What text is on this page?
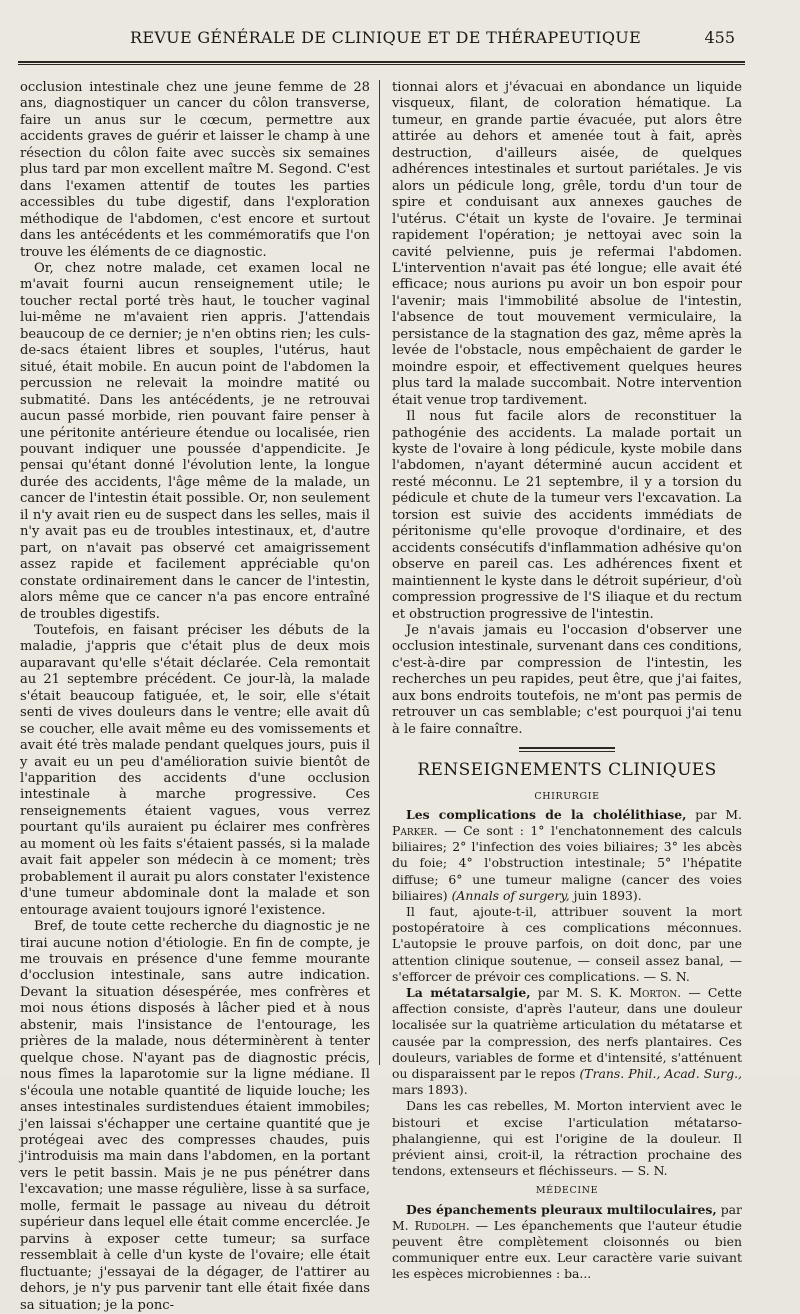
REVUE GÉNÉRALE DE CLINIQUE ET DE THÉRAPEUTIQUE	455

occlusion intestinale chez une jeune femme de 28 ans, diagnostiquer un cancer du côlon transverse, faire un anus sur le cœcum, permettre aux accidents graves de guérir et laisser le champ à une résection du côlon faite avec succès six semaines plus tard par mon excellent maître M. Segond. C'est dans l'examen attentif de toutes les parties accessibles du tube digestif, dans l'exploration méthodique de l'abdomen, c'est encore et surtout dans les antécédents et les commémoratifs que l'on trouve les éléments de ce diagnostic.

Or, chez notre malade, cet examen local ne m'avait fourni aucun renseignement utile; le toucher rectal porté très haut, le toucher vaginal lui-même ne m'avaient rien appris. J'attendais beaucoup de ce dernier; je n'en obtins rien; les culs-de-sacs étaient libres et souples, l'utérus, haut situé, était mobile. En aucun point de l'abdomen la percussion ne relevait la moindre matité ou submatité. Dans les antécédents, je ne retrouvai aucun passé morbide, rien pouvant faire penser à une péritonite antérieure étendue ou localisée, rien pouvant indiquer une poussée d'appendicite. Je pensai qu'étant donné l'évolution lente, la longue durée des accidents, l'âge même de la malade, un cancer de l'intestin était possible. Or, non seulement il n'y avait rien eu de suspect dans les selles, mais il n'y avait pas eu de troubles intestinaux, et, d'autre part, on n'avait pas observé cet amaigrissement assez rapide et facilement appréciable qu'on constate ordinairement dans le cancer de l'intestin, alors même que ce cancer n'a pas encore entraîné de troubles digestifs.

Toutefois, en faisant préciser les débuts de la maladie, j'appris que c'était plus de deux mois auparavant qu'elle s'était déclarée. Cela remontait au 21 septembre précédent. Ce jour-là, la malade s'était beaucoup fatiguée, et, le soir, elle s'était senti de vives douleurs dans le ventre; elle avait dû se coucher, elle avait même eu des vomissements et avait été très malade pendant quelques jours, puis il y avait eu un peu d'amélioration suivie bientôt de l'apparition des accidents d'une occlusion intestinale à marche progressive. Ces renseignements étaient vagues, vous verrez pourtant qu'ils auraient pu éclairer mes confrères au moment où les faits s'étaient passés, si la malade avait fait appeler son médecin à ce moment; très probablement il aurait pu alors constater l'existence d'une tumeur abdominale dont la malade et son entourage avaient toujours ignoré l'existence.

Bref, de toute cette recherche du diagnostic je ne tirai aucune notion d'étiologie. En fin de compte, je me trouvais en présence d'une femme mourante d'occlusion intestinale, sans autre indication. Devant la situation désespérée, mes confrères et moi nous étions disposés à lâcher pied et à nous abstenir, mais l'insistance de l'entourage, les prières de la malade, nous déterminèrent à tenter quelque chose. N'ayant pas de diagnostic précis, nous fîmes la laparotomie sur la ligne médiane. Il s'écoula une notable quantité de liquide louche; les anses intestinales surdistendues étaient immobiles; j'en laissai s'échapper une certaine quantité que je protégeai avec des compresses chaudes, puis j'introduisis ma main dans l'abdomen, en la portant vers le petit bassin. Mais je ne pus pénétrer dans l'excavation; une masse régulière, lisse à sa surface, molle, fermait le passage au niveau du détroit supérieur dans lequel elle était comme encerclée. Je parvins à exposer cette tumeur; sa surface ressemblait à celle d'un kyste de l'ovaire; elle était fluctuante; j'essayai de la dégager, de l'attirer au dehors, je n'y pus parvenir tant elle était fixée dans sa situation; je la ponc-

tionnai alors et j'évacuai en abondance un liquide visqueux, filant, de coloration hématique. La tumeur, en grande partie évacuée, put alors être attirée au dehors et amenée tout à fait, après destruction, d'ailleurs aisée, de quelques adhérences intestinales et surtout pariétales. Je vis alors un pédicule long, grêle, tordu d'un tour de spire et conduisant aux annexes gauches de l'utérus. C'était un kyste de l'ovaire. Je terminai rapidement l'opération; je nettoyai avec soin la cavité pelvienne, puis je refermai l'abdomen. L'intervention n'avait pas été longue; elle avait été efficace; nous aurions pu avoir un bon espoir pour l'avenir; mais l'immobilité absolue de l'intestin, l'absence de tout mouvement vermiculaire, la persistance de la stagnation des gaz, même après la levée de l'obstacle, nous empêchaient de garder le moindre espoir, et effectivement quelques heures plus tard la malade succombait. Notre intervention était venue trop tardivement.

Il nous fut facile alors de reconstituer la pathogénie des accidents. La malade portait un kyste de l'ovaire à long pédicule, kyste mobile dans l'abdomen, n'ayant déterminé aucun accident et resté méconnu. Le 21 septembre, il y a torsion du pédicule et chute de la tumeur vers l'excavation. La torsion est suivie des accidents immédiats de péritonisme qu'elle provoque d'ordinaire, et des accidents consécutifs d'inflammation adhésive qu'on observe en pareil cas. Les adhérences fixent et maintiennent le kyste dans le détroit supérieur, d'où compression progressive de l'S iliaque et du rectum et obstruction progressive de l'intestin.

Je n'avais jamais eu l'occasion d'observer une occlusion intestinale, survenant dans ces conditions, c'est-à-dire par compression de l'intestin, les recherches un peu rapides, peut être, que j'ai faites, aux bons endroits toutefois, ne m'ont pas permis de retrouver un cas semblable; c'est pourquoi j'ai tenu à le faire connaître.

RENSEIGNEMENTS CLINIQUES
CHIRURGIE

Les complications de la cholélithiase, par M. Parker. — Ce sont : 1° l'enchatonnement des calculs biliaires; 2° l'infection des voies biliaires; 3° les abcès du foie; 4° l'obstruction intestinale; 5° l'hépatite diffuse; 6° une tumeur maligne (cancer des voies biliaires) (Annals of surgery, juin 1893).

Il faut, ajoute-t-il, attribuer souvent la mort postopératoire à ces complications méconnues. L'autopsie le prouve parfois, on doit donc, par une attention clinique soutenue, — conseil assez banal, — s'efforcer de prévoir ces complications. — S. N.

La métatarsalgie, par M. S. K. Morton. — Cette affection consiste, d'après l'auteur, dans une douleur localisée sur la quatrième articulation du métatarse et causée par la compression, des nerfs plantaires. Ces douleurs, variables de forme et d'intensité, s'atténuent ou disparaissent par le repos (Trans. Phil., Acad. Surg., mars 1893).

Dans les cas rebelles, M. Morton intervient avec le bistouri et excise l'articulation métatarso-phalangienne, qui est l'origine de la douleur. Il prévient ainsi, croit-il, la rétraction prochaine des tendons, extenseurs et fléchisseurs. — S. N.

MÉDECINE

Des épanchements pleuraux multiloculaires, par M. Rudolph. — Les épanchements que l'auteur étudie peuvent être complètement cloisonnés ou bien communiquer entre eux. Leur caractère varie suivant les espèces microbiennes : ba...
